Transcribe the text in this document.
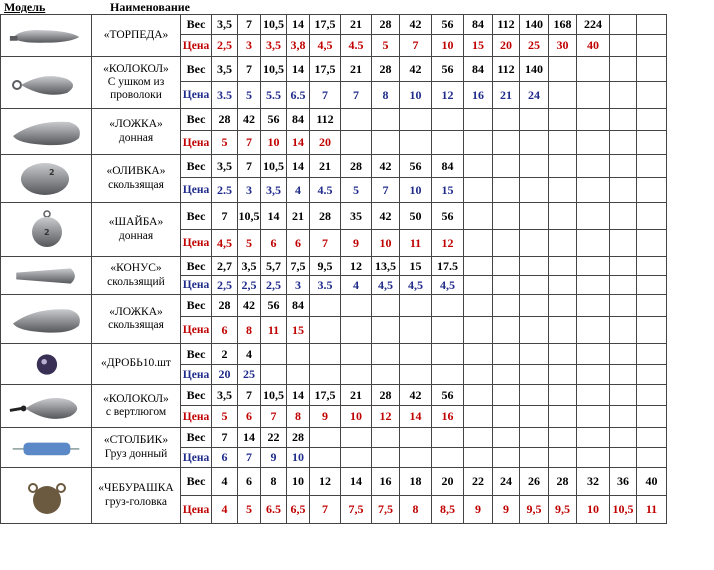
Модель	Наименование

«ТОРПЕДА»	Вес	3,5	7	10,5	14	17,5	21	28	42	56	84	112	140	168	224		
		Цена	2,5	3	3,5	3,8	4,5	4.5	5	7	10	15	20	25	30	40		

«КОЛОКОЛ»
С ушком из проволоки	Вес	3,5	7	10,5	14	17,5	21	28	42	56	84	112	140				
		Цена	3.5	5	5.5	6.5	7	7	8	10	12	16	21	24				

«ЛОЖКА»
донная	Вес	28	42	56	84	112											
		Цена	5	7	10	14	20											

2	«ОЛИВКА»
скользящая	Вес	3,5	7	10,5	14	21	28	42	56	84							
		Цена	2.5	3	3,5	4	4.5	5	7	10	15							

2	«ШАЙБА»
донная	Вес	7	10,5	14	21	28	35	42	50	56							
		Цена	4,5	5	6	6	7	9	10	11	12							

«КОНУС»
скользящий	Вес	2,7	3,5	5,7	7,5	9,5	12	13,5	15	17.5							
		Цена	2,5	2,5	2,5	3	3.5	4	4,5	4,5	4,5							

«ЛОЖКА»
скользящая	Вес	28	42	56	84												
		Цена	6	8	11	15												

«ДРОБЬ10.шт	Вес	2	4														
		Цена	20	25														

«КОЛОКОЛ»
с вертлюгом	Вес	3,5	7	10,5	14	17,5	21	28	42	56							
		Цена	5	6	7	8	9	10	12	14	16							

«СТОЛБИК»
Груз донный	Вес	7	14	22	28												
		Цена	6	7	9	10												

«ЧЕБУРАШКА
груз-головка	Вес	4	6	8	10	12	14	16	18	20	22	24	26	28	32	36	40
		Цена	4	5	6.5	6,5	7	7,5	7,5	8	8,5	9	9	9,5	9,5	10	10,5	11
